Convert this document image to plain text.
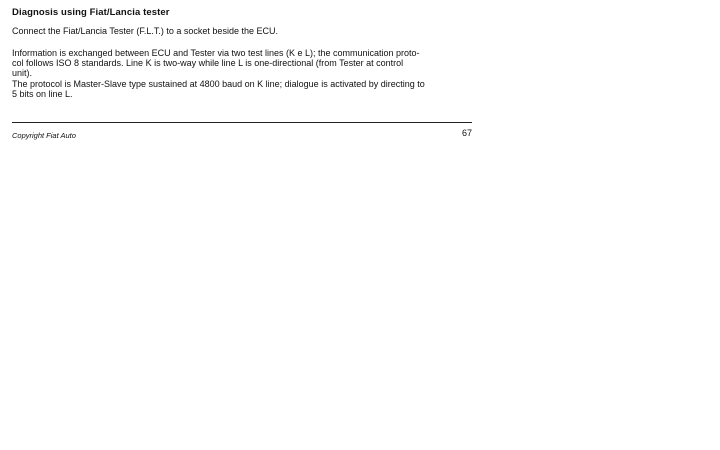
Diagnosis using Fiat/Lancia tester
Connect the Fiat/Lancia Tester (F.L.T.) to a socket beside the ECU.
Information is exchanged between ECU and Tester via two test lines (K e L); the communication proto-
col follows ISO 8 standards. Line K is two-way while line L is one-directional (from Tester at control
unit).
The protocol is Master-Slave type sustained at 4800 baud on K line; dialogue is activated by directing to
5 bits on line L.
Copyright Fiat Auto	67
